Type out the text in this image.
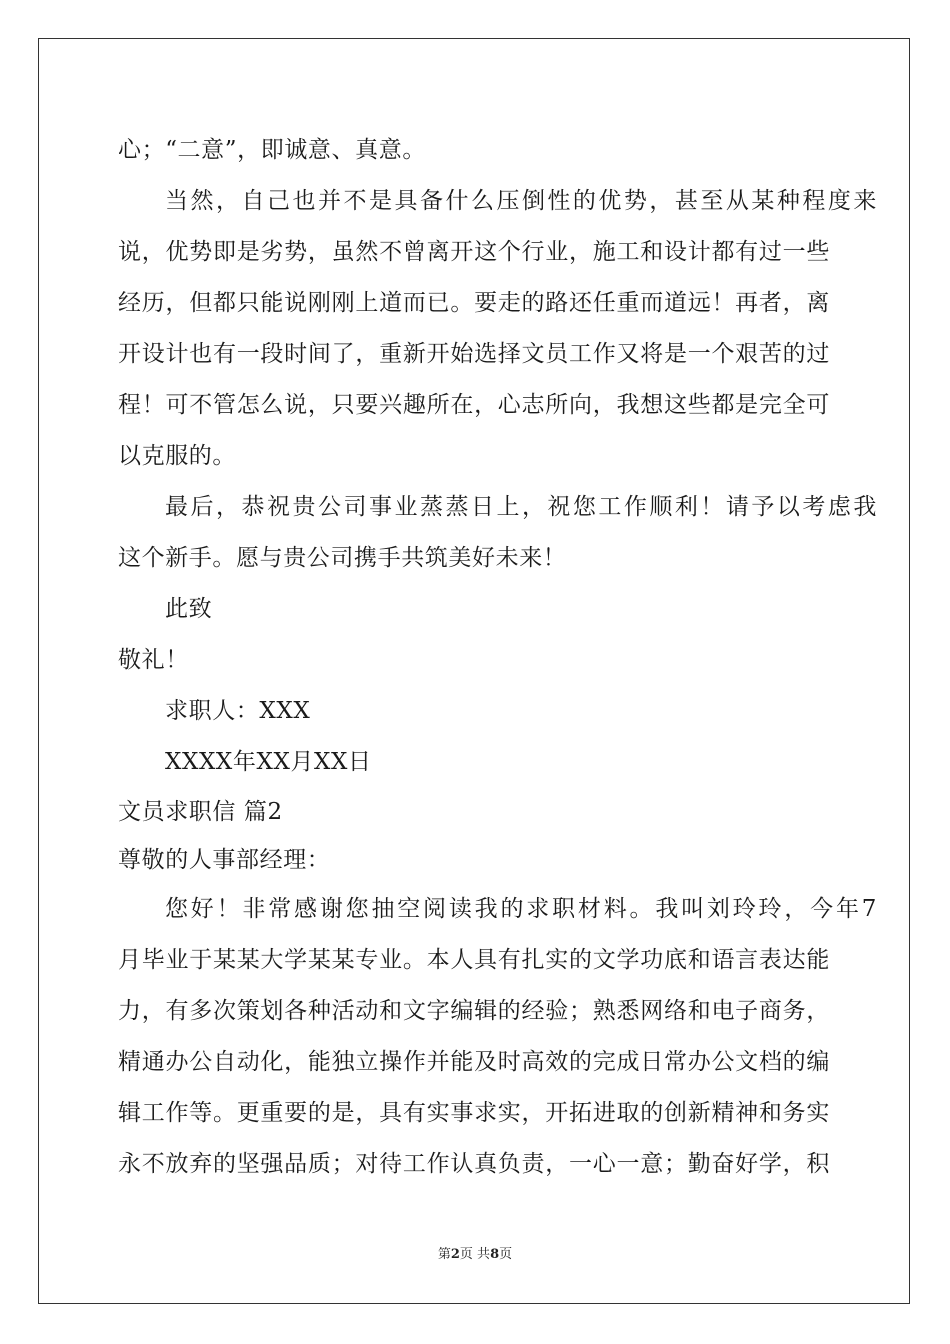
心；“二意”，即诚意、真意。
当然，自己也并不是具备什么压倒性的优势，甚至从某种程度来
说，优势即是劣势，虽然不曾离开这个行业，施工和设计都有过一些
经历，但都只能说刚刚上道而已。要走的路还任重而道远！再者，离
开设计也有一段时间了，重新开始选择文员工作又将是一个艰苦的过
程！可不管怎么说，只要兴趣所在，心志所向，我想这些都是完全可
以克服的。
最后，恭祝贵公司事业蒸蒸日上，祝您工作顺利！请予以考虑我
这个新手。愿与贵公司携手共筑美好未来！
此致
敬礼！
求职人：XXX
XXXX年XX月XX日
文员求职信 篇2
尊敬的人事部经理：
您好！非常感谢您抽空阅读我的求职材料。我叫刘玲玲，今年7
月毕业于某某大学某某专业。本人具有扎实的文学功底和语言表达能
力，有多次策划各种活动和文字编辑的经验；熟悉网络和电子商务，
精通办公自动化，能独立操作并能及时高效的完成日常办公文档的编
辑工作等。更重要的是，具有实事求实，开拓进取的创新精神和务实
永不放弃的坚强品质；对待工作认真负责，一心一意；勤奋好学，积
第2页 共8页
